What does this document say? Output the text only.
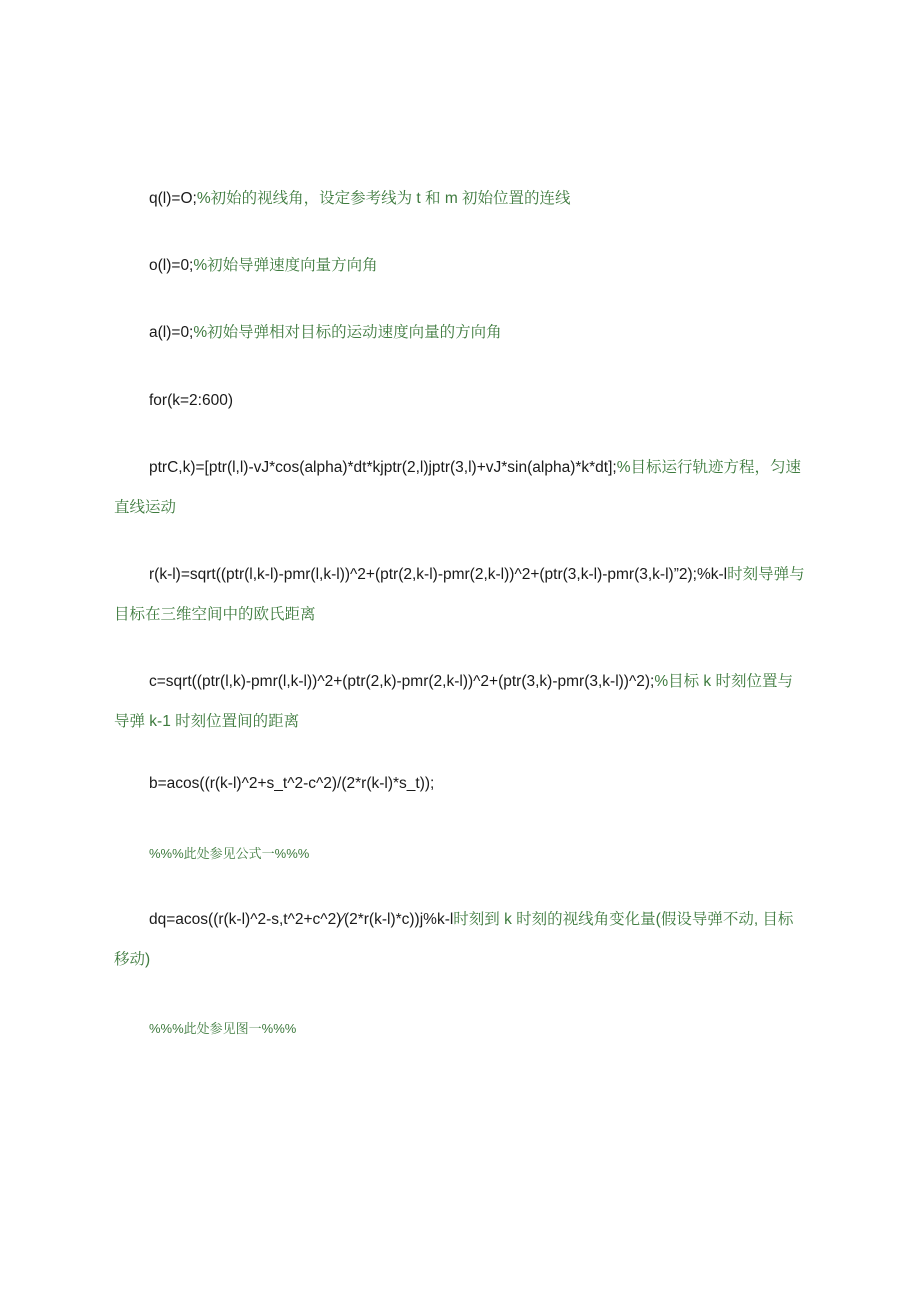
q(l)=O;%初始的视线角，设定参考线为 t 和 m 初始位置的连线

o(l)=0;%初始导弹速度向量方向角

a(l)=0;%初始导弹相对目标的运动速度向量的方向角

for(k=2:600)

ptrC,k)=[ptr(l,l)-vJ*cos(alpha)*dt*kjptr(2,l)jptr(3,l)+vJ*sin(alpha)*k*dt];%目标运行轨迹方程，匀速直线运动

r(k-l)=sqrt((ptr(l,k-l)-pmr(l,k-l))^2+(ptr(2,k-l)-pmr(2,k-l))^2+(ptr(3,k-l)-pmr(3,k-l)”2);%k-l时刻导弹与目标在三维空间中的欧氏距离

c=sqrt((ptr(l,k)-pmr(l,k-l))^2+(ptr(2,k)-pmr(2,k-l))^2+(ptr(3,k)-pmr(3,k-l))^2);%目标 k 时刻位置与导弹 k-1 时刻位置间的距离

b=acos((r(k-l)^2+s_t^2-c^2)/(2*r(k-l)*s_t));

%%%此处参见公式一%%%

dq=acos((r(k-l)^2-s,t^2+c^2)⁄(2*r(k-l)*c))j%k-l时刻到 k 时刻的视线角变化量(假设导弹不动, 目标移动)

%%%此处参见图一%%%
